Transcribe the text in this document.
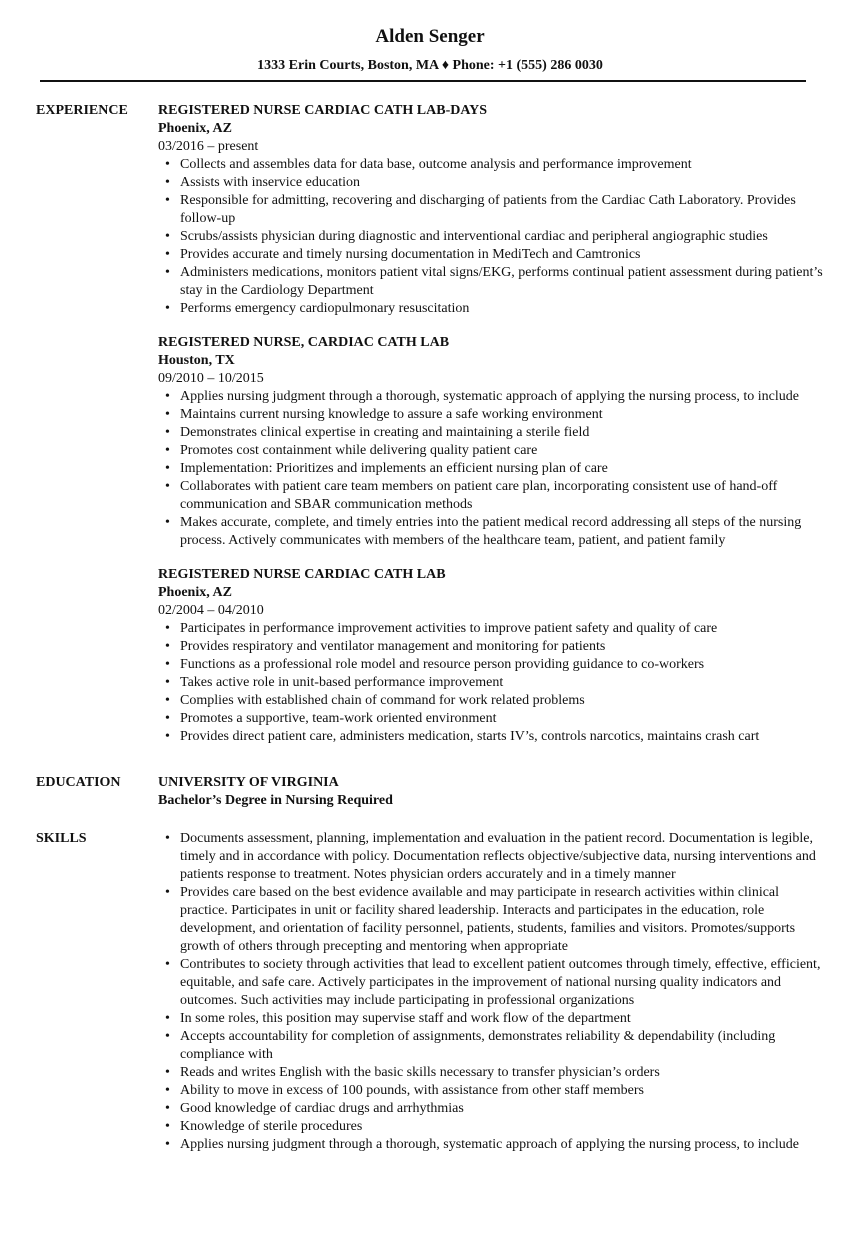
Alden Senger
1333 Erin Courts, Boston, MA ♦ Phone: +1 (555) 286 0030
EXPERIENCE	REGISTERED NURSE CARDIAC CATH LAB-DAYS
Phoenix, AZ
03/2016 – present
• Collects and assembles data for data base, outcome analysis and performance improvement
• Assists with inservice education
• Responsible for admitting, recovering and discharging of patients from the Cardiac Cath Laboratory. Provides follow-up
• Scrubs/assists physician during diagnostic and interventional cardiac and peripheral angiographic studies
• Provides accurate and timely nursing documentation in MediTech and Camtronics
• Administers medications, monitors patient vital signs/EKG, performs continual patient assessment during patient’s stay in the Cardiology Department
• Performs emergency cardiopulmonary resuscitation
REGISTERED NURSE, CARDIAC CATH LAB
Houston, TX
09/2010 – 10/2015
• Applies nursing judgment through a thorough, systematic approach of applying the nursing process, to include
• Maintains current nursing knowledge to assure a safe working environment
• Demonstrates clinical expertise in creating and maintaining a sterile field
• Promotes cost containment while delivering quality patient care
• Implementation: Prioritizes and implements an efficient nursing plan of care
• Collaborates with patient care team members on patient care plan, incorporating consistent use of hand-off communication and SBAR communication methods
• Makes accurate, complete, and timely entries into the patient medical record addressing all steps of the nursing process. Actively communicates with members of the healthcare team, patient, and patient family
REGISTERED NURSE CARDIAC CATH LAB
Phoenix, AZ
02/2004 – 04/2010
• Participates in performance improvement activities to improve patient safety and quality of care
• Provides respiratory and ventilator management and monitoring for patients
• Functions as a professional role model and resource person providing guidance to co-workers
• Takes active role in unit-based performance improvement
• Complies with established chain of command for work related problems
• Promotes a supportive, team-work oriented environment
• Provides direct patient care, administers medication, starts IV’s, controls narcotics, maintains crash cart
EDUCATION	UNIVERSITY OF VIRGINIA
Bachelor’s Degree in Nursing Required
SKILLS
•	Documents assessment, planning, implementation and evaluation in the patient record. Documentation is legible, timely and in accordance with policy. Documentation reflects objective/subjective data, nursing interventions and patients response to treatment. Notes physician orders accurately and in a timely manner
• Provides care based on the best evidence available and may participate in research activities within clinical practice. Participates in unit or facility shared leadership. Interacts and participates in the education, role development, and orientation of facility personnel, patients, students, families and visitors. Promotes/supports growth of others through precepting and mentoring when appropriate
• Contributes to society through activities that lead to excellent patient outcomes through timely, effective, efficient, equitable, and safe care. Actively participates in the improvement of national nursing quality indicators and outcomes. Such activities may include participating in professional organizations
• In some roles, this position may supervise staff and work flow of the department
• Accepts accountability for completion of assignments, demonstrates reliability & dependability (including compliance with
• Reads and writes English with the basic skills necessary to transfer physician’s orders
• Ability to move in excess of 100 pounds, with assistance from other staff members
• Good knowledge of cardiac drugs and arrhythmias
• Knowledge of sterile procedures
• Applies nursing judgment through a thorough, systematic approach of applying the nursing process, to include
